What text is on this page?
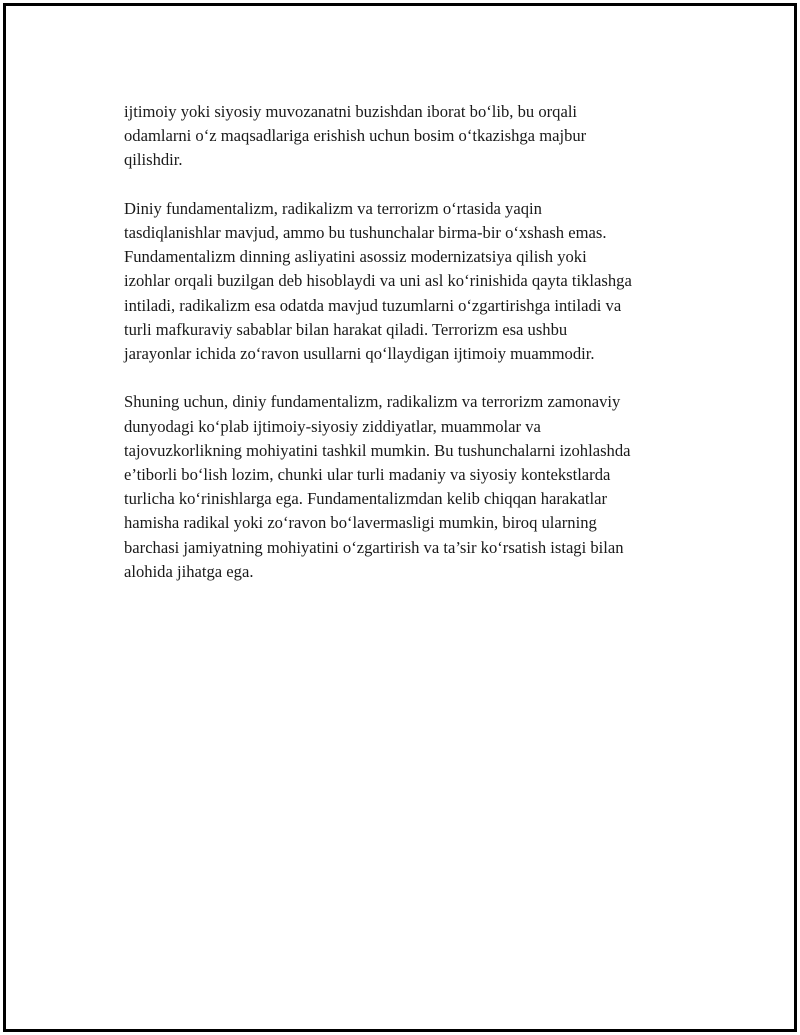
ijtimoiy yoki siyosiy muvozanatni buzishdan iborat bo‘lib, bu orqali
odamlarni o‘z maqsadlariga erishish uchun bosim o‘tkazishga majbur
qilishdir.

Diniy fundamentalizm, radikalizm va terrorizm o‘rtasida yaqin
tasdiqlanishlar mavjud, ammo bu tushunchalar birma-bir o‘xshash emas.
Fundamentalizm dinning asliyatini asossiz modernizatsiya qilish yoki
izohlar orqali buzilgan deb hisoblaydi va uni asl ko‘rinishida qayta tiklashga
intiladi, radikalizm esa odatda mavjud tuzumlarni o‘zgartirishga intiladi va
turli mafkuraviy sabablar bilan harakat qiladi. Terrorizm esa ushbu
jarayonlar ichida zo‘ravon usullarni qo‘llaydigan ijtimoiy muammodir.

Shuning uchun, diniy fundamentalizm, radikalizm va terrorizm zamonaviy
dunyodagi ko‘plab ijtimoiy-siyosiy ziddiyatlar, muammolar va
tajovuzkorlikning mohiyatini tashkil mumkin. Bu tushunchalarni izohlashda
e’tiborli bo‘lish lozim, chunki ular turli madaniy va siyosiy kontekstlarda
turlicha ko‘rinishlarga ega. Fundamentalizmdan kelib chiqqan harakatlar
hamisha radikal yoki zo‘ravon bo‘lavermasligi mumkin, biroq ularning
barchasi jamiyatning mohiyatini o‘zgartirish va ta’sir ko‘rsatish istagi bilan
alohida jihatga ega.
